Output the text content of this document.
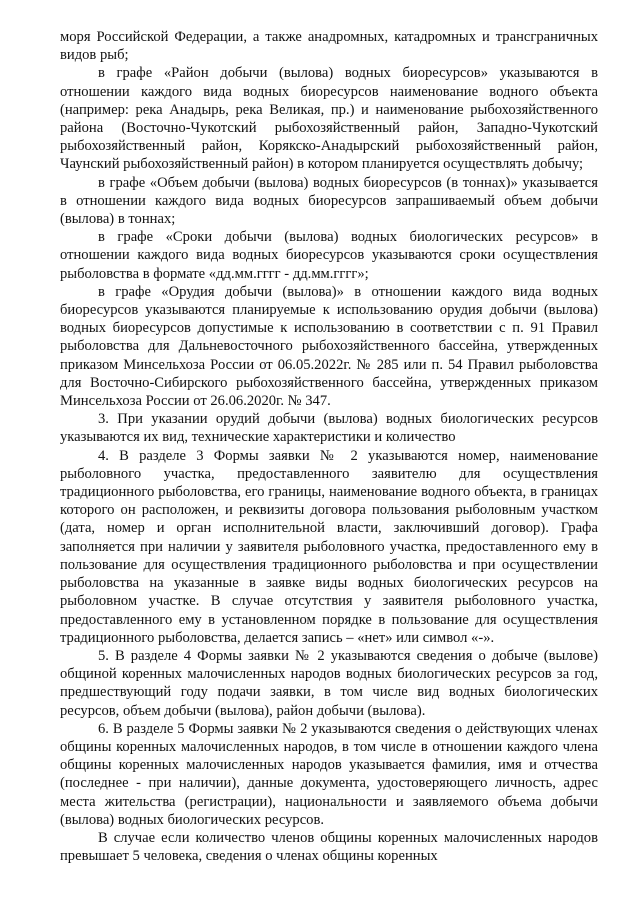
моря Российской Федерации, а также анадромных, катадромных и трансграничных видов рыб;

в графе «Район добычи (вылова) водных биоресурсов» указываются в отношении каждого вида водных биоресурсов наименование водного объекта (например: река Анадырь, река Великая, пр.) и наименование рыбохозяйственного района (Восточно-Чукотский рыбохозяйственный район, Западно-Чукотский рыбохозяйственный район, Корякско-Анадырский рыбохозяйственный район, Чаунский рыбохозяйственный район) в котором планируется осуществлять добычу;

в графе «Объем добычи (вылова) водных биоресурсов (в тоннах)» указывается в отношении каждого вида водных биоресурсов запрашиваемый объем добычи (вылова) в тоннах;

в графе «Сроки добычи (вылова) водных биологических ресурсов» в отношении каждого вида водных биоресурсов указываются сроки осуществления рыболовства в формате «дд.мм.гггг - дд.мм.гггг»;

в графе «Орудия добычи (вылова)» в отношении каждого вида водных биоресурсов указываются планируемые к использованию орудия добычи (вылова) водных биоресурсов допустимые к использованию в соответствии с п. 91 Правил рыболовства для Дальневосточного рыбохозяйственного бассейна, утвержденных приказом Минсельхоза России от 06.05.2022г. № 285 или п. 54 Правил рыболовства для Восточно-Сибирского рыбохозяйственного бассейна, утвержденных приказом Минсельхоза России от 26.06.2020г. № 347.

3. При указании орудий добычи (вылова) водных биологических ресурсов указываются их вид, технические характеристики и количество

4. В разделе 3 Формы заявки № 2 указываются номер, наименование рыболовного участка, предоставленного заявителю для осуществления традиционного рыболовства, его границы, наименование водного объекта, в границах которого он расположен, и реквизиты договора пользования рыболовным участком (дата, номер и орган исполнительной власти, заключивший договор). Графа заполняется при наличии у заявителя рыболовного участка, предоставленного ему в пользование для осуществления традиционного рыболовства и при осуществлении рыболовства на указанные в заявке виды водных биологических ресурсов на рыболовном участке. В случае отсутствия у заявителя рыболовного участка, предоставленного ему в установленном порядке в пользование для осуществления традиционного рыболовства, делается запись – «нет» или символ «-».

5. В разделе 4 Формы заявки № 2 указываются сведения о добыче (вылове) общиной коренных малочисленных народов водных биологических ресурсов за год, предшествующий году подачи заявки, в том числе вид водных биологических ресурсов, объем добычи (вылова), район добычи (вылова).

6. В разделе 5 Формы заявки № 2 указываются сведения о действующих членах общины коренных малочисленных народов, в том числе в отношении каждого члена общины коренных малочисленных народов указывается фамилия, имя и отчества (последнее - при наличии), данные документа, удостоверяющего личность, адрес места жительства (регистрации), национальности и заявляемого объема добычи (вылова) водных биологических ресурсов.

В случае если количество членов общины коренных малочисленных народов превышает 5 человека, сведения о членах общины коренных
